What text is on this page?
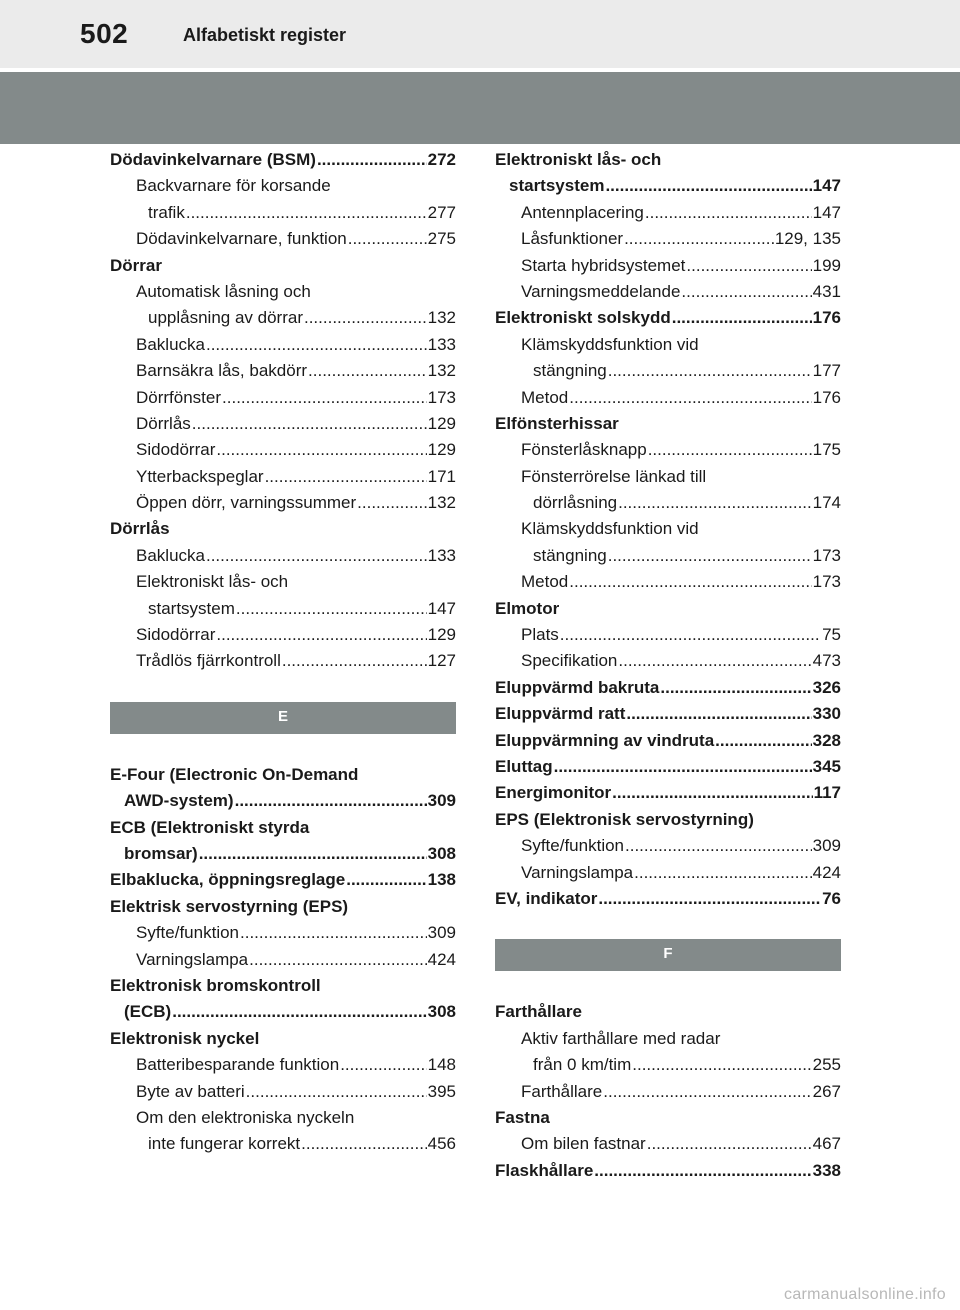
502	Alfabetiskt register
Dödavinkelvarnare (BSM) .....	272
Backvarnare för korsande
trafik .....	277
Dödavinkelvarnare, funktion .....	275
Dörrar
Automatisk låsning och
upplåsning av dörrar .....	132
Baklucka .....	133
Barnsäkra lås, bakdörr .....	132
Dörrfönster .....	173
Dörrlås .....	129
Sidodörrar .....	129
Ytterbackspeglar .....	171
Öppen dörr, varningssummer .....	132
Dörrlås
Baklucka .....	133
Elektroniskt lås- och
startsystem .....	147
Sidodörrar .....	129
Trådlös fjärrkontroll .....	127
E
E-Four (Electronic On-Demand
AWD-system) .....	309
ECB (Elektroniskt styrda
bromsar) .....	308
Elbaklucka, öppningsreglage .....	138
Elektrisk servostyrning (EPS)
Syfte/funktion .....	309
Varningslampa .....	424
Elektronisk bromskontroll
(ECB) .....	308
Elektronisk nyckel
Batteribesparande funktion .....	148
Byte av batteri .....	395
Om den elektroniska nyckeln
inte fungerar korrekt .....	456
Elektroniskt lås- och
startsystem .....	147
Antennplacering .....	147
Låsfunktioner .....	129, 135
Starta hybridsystemet .....	199
Varningsmeddelande .....	431
Elektroniskt solskydd .....	176
Klämskyddsfunktion vid
stängning .....	177
Metod .....	176
Elfönsterhissar
Fönsterlåsknapp .....	175
Fönsterrörelse länkad till
dörrlåsning .....	174
Klämskyddsfunktion vid
stängning .....	173
Metod .....	173
Elmotor
Plats .....	75
Specifikation .....	473
Eluppvärmd bakruta .....	326
Eluppvärmd ratt .....	330
Eluppvärmning av vindruta .....	328
Eluttag .....	345
Energimonitor .....	117
EPS (Elektronisk servostyrning)
Syfte/funktion .....	309
Varningslampa .....	424
EV, indikator .....	76
F
Farthållare
Aktiv farthållare med radar
från 0 km/tim .....	255
Farthållare .....	267
Fastna
Om bilen fastnar .....	467
Flaskhållare .....	338
carmanualsonline.info
